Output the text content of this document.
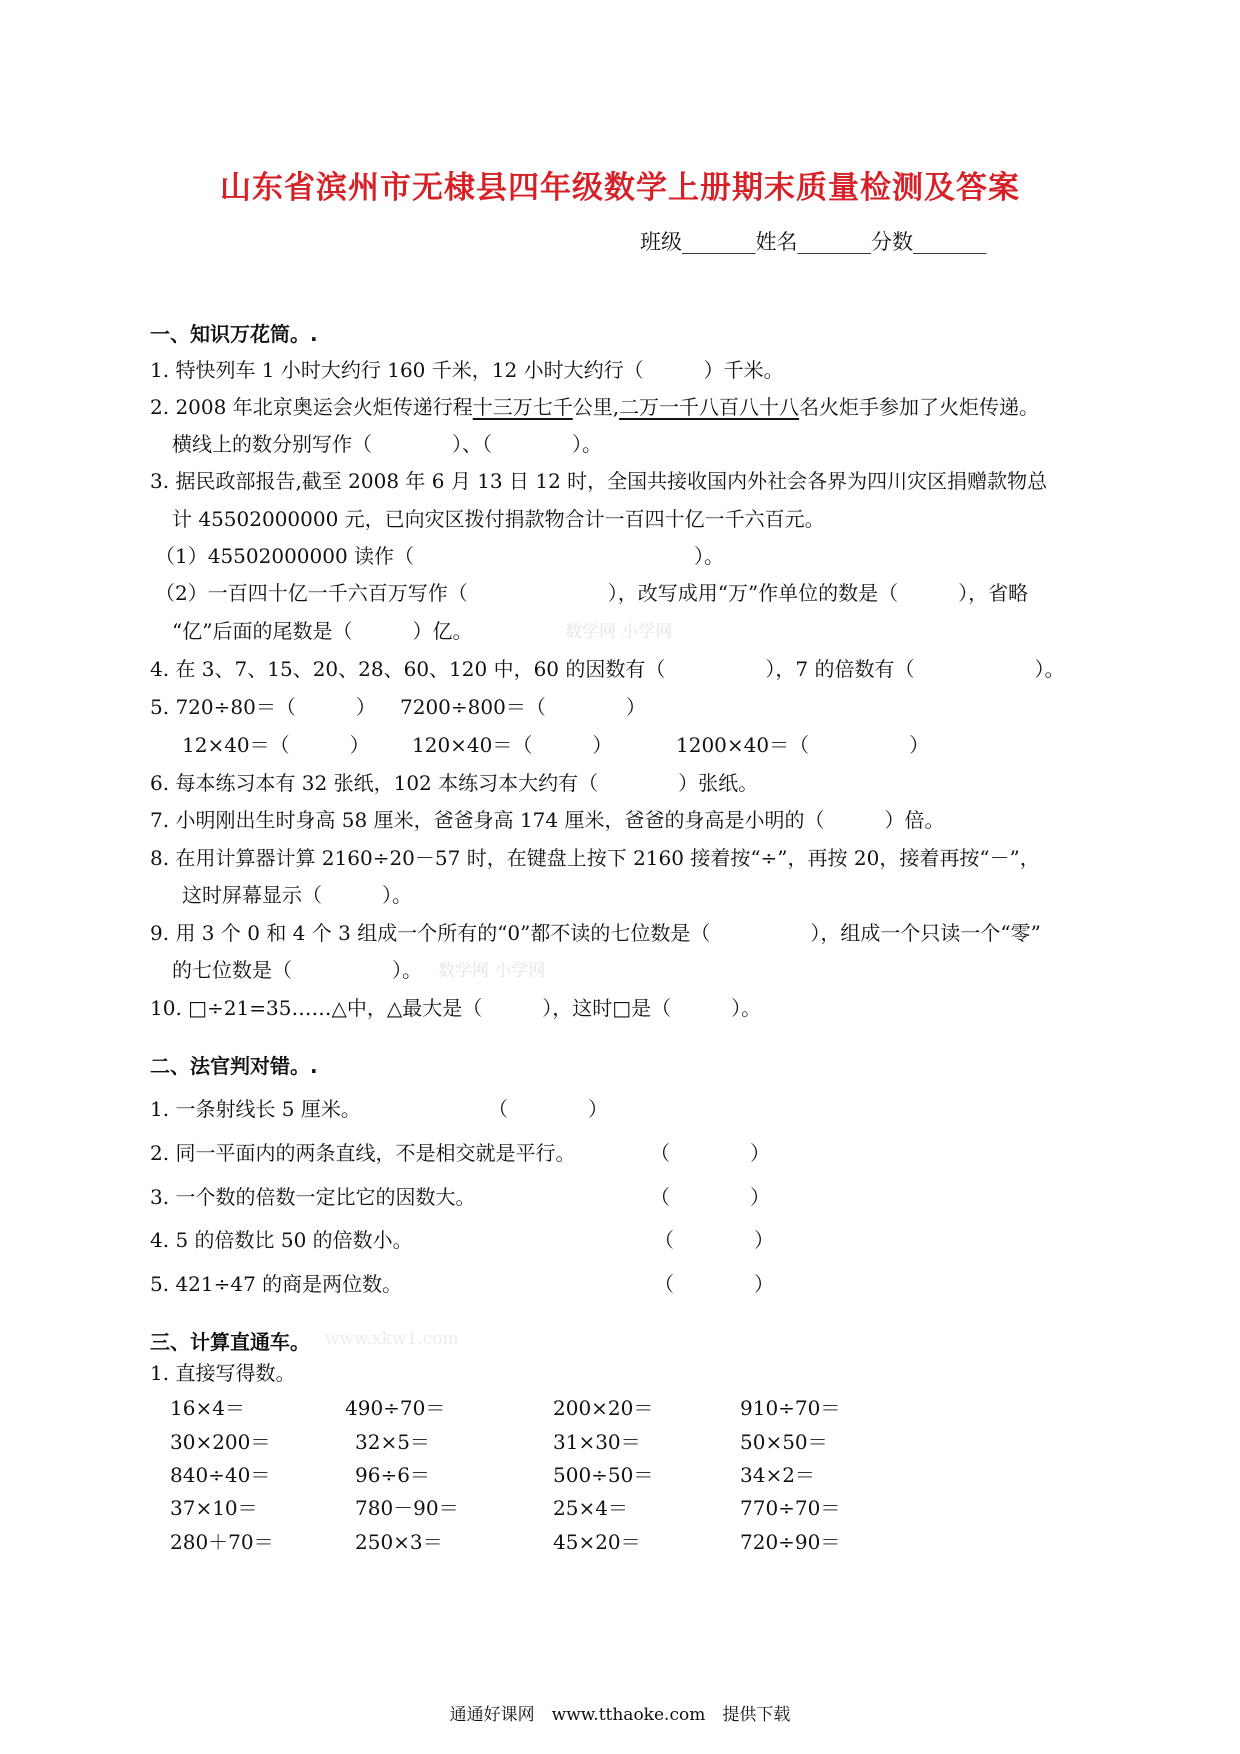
山东省滨州市无棣县四年级数学上册期末质量检测及答案
班级_______姓名_______分数_______
一、知识万花筒。.
1. 特快列车 1 小时大约行 160 千米，12 小时大约行（　　　）千米。
2. 2008 年北京奥运会火炬传递行程十三万七千公里,二万一千八百八十八名火炬手参加了火炬传递。
横线上的数分别写作（　　　　）、（　　　　）。
3. 据民政部报告,截至 2008 年 6 月 13 日 12 时，全国共接收国内外社会各界为四川灾区捐赠款物总
计 45502000000 元，已向灾区拨付捐款物合计一百四十亿一千六百元。
（1）45502000000 读作（　　　　　　　　　　　　　　）。
（2）一百四十亿一千六百万写作（　　　　　　　），改写成用“万”作单位的数是（　　　），省略
“亿”后面的尾数是（　　　）亿。	数学网 小学网
4. 在 3、7、15、20、28、60、120 中，60 的因数有（　　　　　），7 的倍数有（　　　　　　）。
5. 720÷80＝（　　　） 7200÷800＝（　　　　）
12×40＝（　　　） 120×40＝（　　　）	1200×40＝（　　　　　）
6. 每本练习本有 32 张纸，102 本练习本大约有（　　　　）张纸。
7. 小明刚出生时身高 58 厘米，爸爸身高 174 厘米，爸爸的身高是小明的（　　　）倍。
8. 在用计算器计算 2160÷20－57 时，在键盘上按下 2160 接着按“÷”，再按 20，接着再按“－”，
这时屏幕显示（　　　）。
9. 用 3 个 0 和 4 个 3 组成一个所有的“0”都不读的七位数是（　　　　　），组成一个只读一个“零”
的七位数是（　　　　　）。 数学网 小学网
10. □÷21=35……△中，△最大是（　　　），这时□是（　　　）。
二、法官判对错。.
1. 一条射线长 5 厘米。	（　　　　）
2. 同一平面内的两条直线，不是相交就是平行。	（　　　　）
3. 一个数的倍数一定比它的因数大。	（　　　　）
4. 5 的倍数比 50 的倍数小。	（　　　　）
5. 421÷47 的商是两位数。	（　　　　）
三、计算直通车。 www.xkw1.com
1. 直接写得数。
16×4＝	490÷70＝	200×20＝	910÷70＝
30×200＝	32×5＝	31×30＝	50×50＝
840÷40＝	96÷6＝	500÷50＝	34×2＝
37×10＝	780－90＝	25×4＝	770÷70＝
280＋70＝	250×3＝	45×20＝	720÷90＝
通通好课网　www.tthaoke.com　提供下载
